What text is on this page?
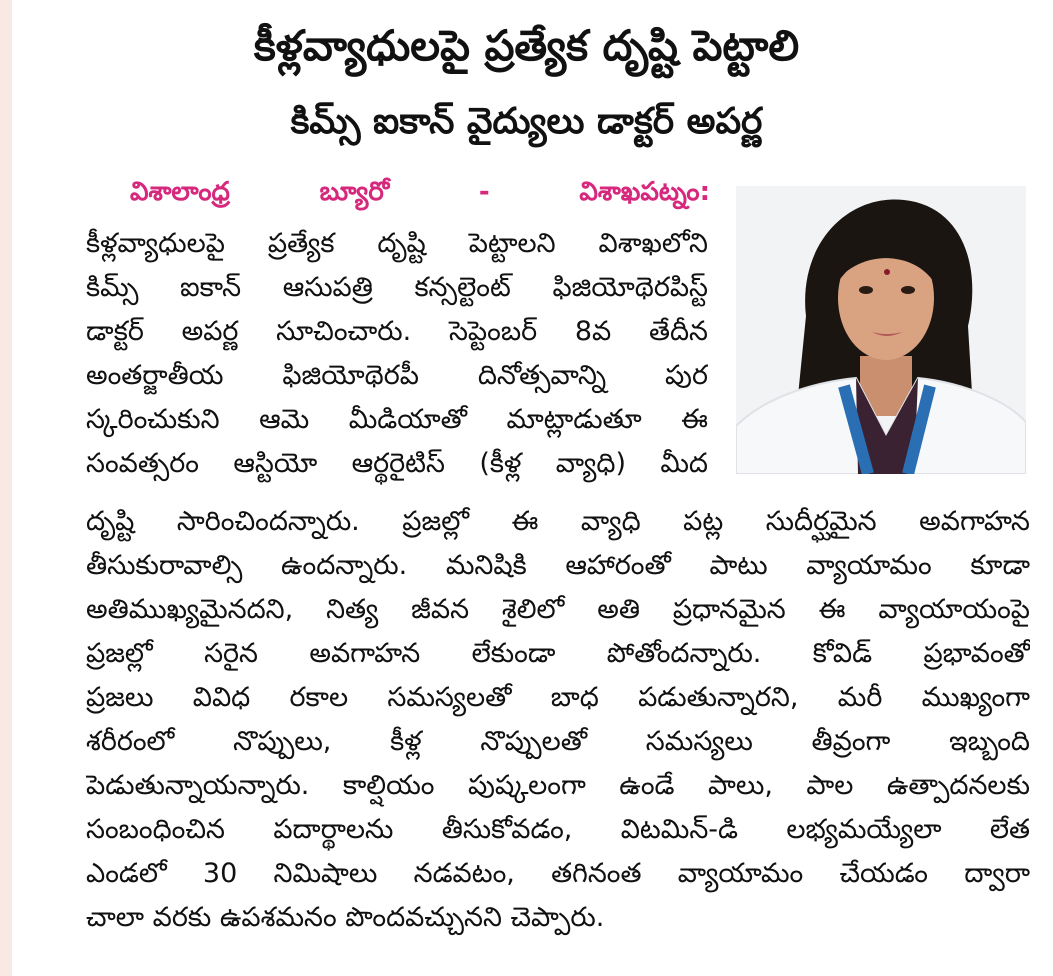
కీళ్లవ్యాధులపై ప్రత్యేక దృష్టి పెట్టాలి
కిమ్స్ ఐకాన్ వైద్యులు డాక్టర్ అపర్ణ
విశాలాంధ్ర	బ్యూరో	-	విశాఖపట్నం:
కీళ్లవ్యాధులపై ప్రత్యేక దృష్టి పెట్టాలని విశాఖలోని
కిమ్స్ ఐకాన్ ఆసుపత్రి కన్సల్టెంట్ ఫిజియోథెరపిస్ట్
డాక్టర్ అపర్ణ సూచించారు. సెప్టెంబర్ 8వ తేదీన
అంతర్జాతీయ ఫిజియోథెరపీ దినోత్సవాన్ని పుర
స్కరించుకుని ఆమె మీడియాతో మాట్లాడుతూ ఈ
సంవత్సరం ఆస్టియో ఆర్థరైటిస్ (కీళ్ల వ్యాధి) మీద
దృష్టి సారించిందన్నారు. ప్రజల్లో ఈ వ్యాధి పట్ల సుదీర్ఘమైన అవగాహన
తీసుకురావాల్సి ఉందన్నారు. మనిషికి ఆహారంతో పాటు వ్యాయామం కూడా
అతిముఖ్యమైనదని, నిత్య జీవన శైలిలో అతి ప్రధానమైన ఈ వ్యాయాయంపై
ప్రజల్లో సరైన అవగాహన లేకుండా పోతోందన్నారు. కోవిడ్ ప్రభావంతో
ప్రజలు వివిధ రకాల సమస్యలతో బాధ పడుతున్నారని, మరీ ముఖ్యంగా
శరీరంలో నొప్పులు, కీళ్ల నొప్పులతో సమస్యలు తీవ్రంగా ఇబ్బంది
పెడుతున్నాయన్నారు. కాల్షియం పుష్కలంగా ఉండే పాలు, పాల ఉత్పాదనలకు
సంబంధించిన పదార్థాలను తీసుకోవడం, విటమిన్-డి లభ్యమయ్యేలా లేత
ఎండలో 30 నిమిషాలు నడవటం, తగినంత వ్యాయామం చేయడం ద్వారా
చాలా వరకు ఉపశమనం పొందవచ్చునని చెప్పారు.
